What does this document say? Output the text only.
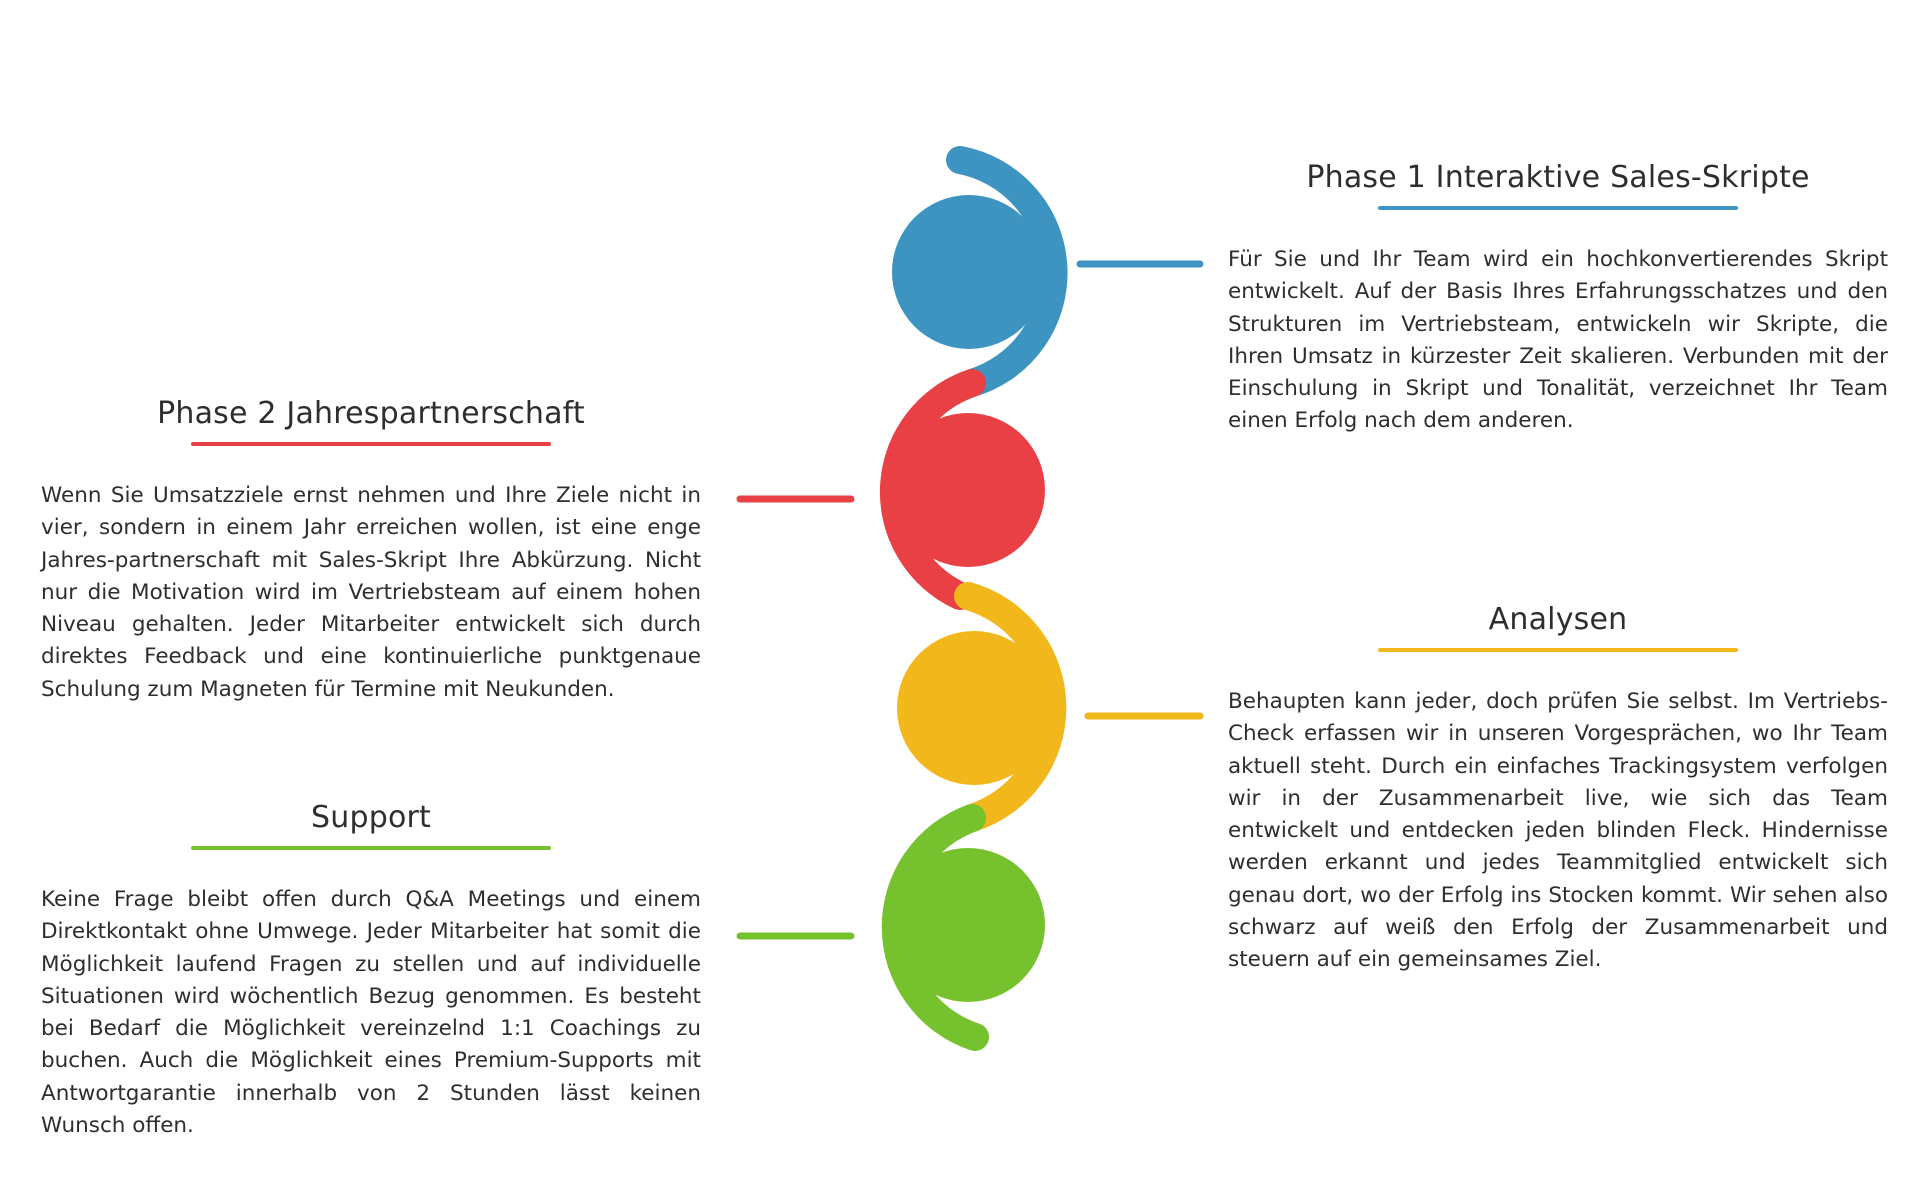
Phase 1 Interaktive Sales-Skripte

Für Sie und Ihr Team wird ein hochkonvertierendes Skript entwickelt. Auf der Basis Ihres Erfahrungsschatzes und den Strukturen im Vertriebsteam, entwickeln wir Skripte, die Ihren Umsatz in kürzester Zeit skalieren. Verbunden mit der Einschulung in Skript und Tonalität, verzeichnet Ihr Team einen Erfolg nach dem anderen.

Phase 2 Jahrespartnerschaft

Wenn Sie Umsatzziele ernst nehmen und Ihre Ziele nicht in vier, sondern in einem Jahr erreichen wollen, ist eine enge Jahres-partnerschaft mit Sales-Skript Ihre Abkürzung. Nicht nur die Motivation wird im Vertriebsteam auf einem hohen Niveau gehalten. Jeder Mitarbeiter entwickelt sich durch direktes Feedback und eine kontinuierliche punktgenaue Schulung zum Magneten für Termine mit Neukunden.

Analysen

Behaupten kann jeder, doch prüfen Sie selbst. Im Vertriebs-Check erfassen wir in unseren Vorgesprächen, wo Ihr Team aktuell steht. Durch ein einfaches Trackingsystem verfolgen wir in der Zusammenarbeit live, wie sich das Team entwickelt und entdecken jeden blinden Fleck. Hindernisse werden erkannt und jedes Teammitglied entwickelt sich genau dort, wo der Erfolg ins Stocken kommt. Wir sehen also schwarz auf weiß den Erfolg der Zusammenarbeit und steuern auf ein gemeinsames Ziel.

Support

Keine Frage bleibt offen durch Q&A Meetings und einem Direktkontakt ohne Umwege. Jeder Mitarbeiter hat somit die Möglichkeit laufend Fragen zu stellen und auf individuelle Situationen wird wöchentlich Bezug genommen. Es besteht bei Bedarf die Möglichkeit vereinzelnd 1:1 Coachings zu buchen. Auch die Möglichkeit eines Premium-Supports mit Antwortgarantie innerhalb von 2 Stunden lässt keinen Wunsch offen.
